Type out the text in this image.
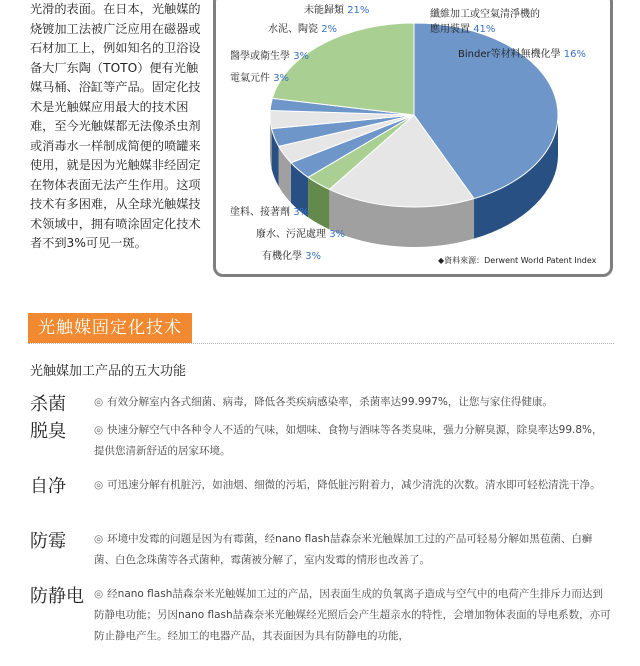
光滑的表面。在日本，光触媒的烧镀加工法被广泛应用在磁器或石材加工上，例如知名的卫浴设备大厂东陶（TOTO）便有光触媒马桶、浴缸等产品。固定化技术是光触媒应用最大的技术困难，至今光触媒都无法像杀虫剂或消毒水一样制成简便的喷罐来使用，就是因为光触媒非经固定在物体表面无法产生作用。这项技术有多困难，从全球光触媒技术领域中，拥有喷涂固定化技术者不到3%可见一斑。

未能歸類 21%
水泥、陶瓷 2%
醫學或衛生學 3%
電氣元件 3%
纖維加工或空氣清淨機的
應用裝置 41%
Binder等材料無機化學 16%
塗料、接著劑 3%
廢水、污泥處理 3%
有機化學 3%	◆資料來源：Derwent World Patent Index
光触媒固定化技术
光触媒加工产品的五大功能
杀菌	◎ 有效分解室内各式细菌、病毒，降低各类疾病感染率，杀菌率达99.997%，让您与家住得健康。
脱臭	◎ 快速分解空气中各种令人不适的气味，如烟味、食物与酒味等各类臭味，强力分解臭源，除臭率达99.8%，提供您清新舒适的居家环境。
自净	◎ 可迅速分解有机脏污，如油烟、细微的污垢，降低脏污附着力，减少清洗的次数。清水即可轻松清洗干净。
防霉	◎ 环境中发霉的问题是因为有霉菌，经nano flash喆森奈米光触媒加工过的产品可轻易分解如黑苞菌、白癣菌、白色念珠菌等各式菌种，霉菌被分解了，室内发霉的情形也改善了。
防静电 ◎ 经nano flash喆森奈米光触媒加工过的产品，因表面生成的负氧离子造成与空气中的电荷产生排斥力而达到防静电功能；另因nano flash喆森奈米光触媒经光照后会产生超亲水的特性，会增加物体表面的导电系数，亦可防止静电产生。经加工的电器产品，其表面因为具有防静电的功能，
